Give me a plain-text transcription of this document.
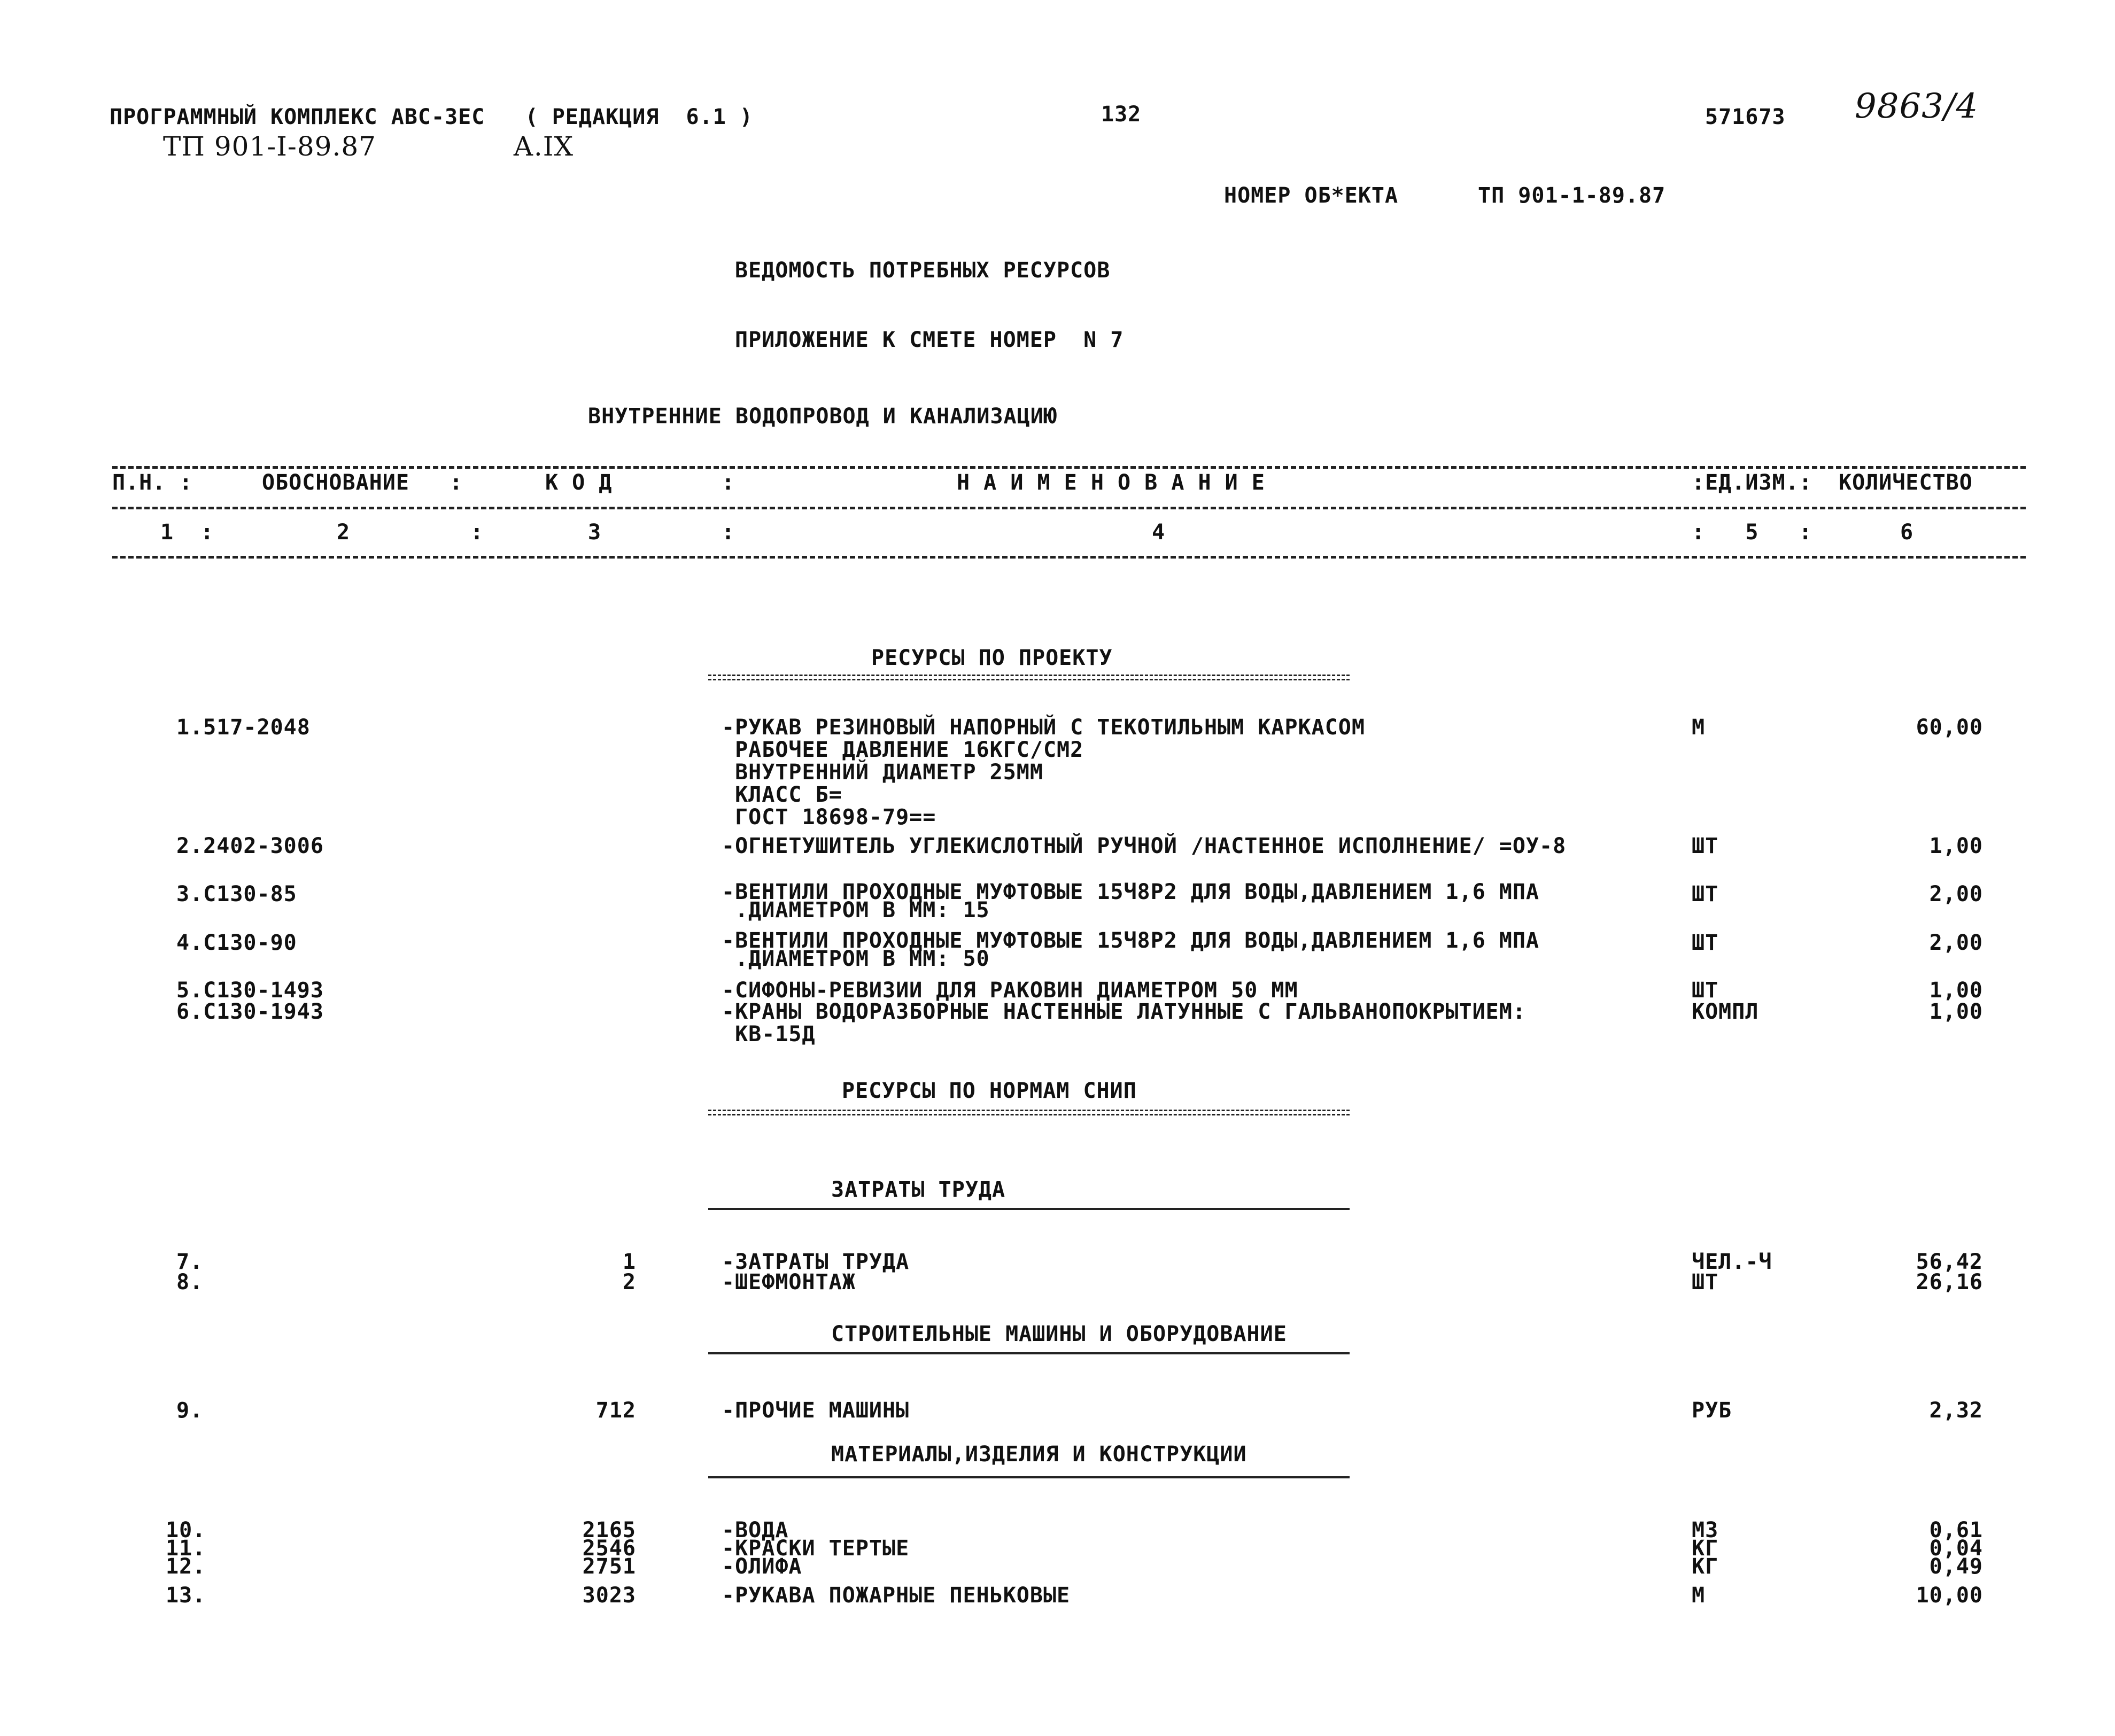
ПРОГРАММНЫЙ КОМПЛЕКС АВС-3ЕС   ( РЕДАКЦИЯ  6.1 )
ТП 901-I-89.87	А.IX
132	571673 9863/4
НОМЕР ОБ*ЕКТА	ТП 901-1-89.87
ВЕДОМОСТЬ ПОТРЕБНЫХ РЕСУРСОВ
ПРИЛОЖЕНИЕ К СМЕТЕ НОМЕР  N 7
ВНУТРЕННИЕ ВОДОПРОВОД И КАНАЛИЗАЦИЮ
П.Н. :	ОБОСНОВАНИЕ   :	К О Д	:	Н А И М Е Н О В А Н И Е	:ЕД.ИЗМ.: КОЛИЧЕСТВО
1  :	2	:	3	:	4	:   5   :	6
РЕСУРСЫ ПО ПРОЕКТУ
1.517-2048	-РУКАВ РЕЗИНОВЫЙ НАПОРНЫЙ С ТЕКОТИЛЬНЫМ КАРКАСОМ
РАБОЧЕЕ ДАВЛЕНИЕ 16КГС/СМ2
ВНУТРЕННИЙ ДИАМЕТР 25ММ
КЛАСС Б=
ГОСТ 18698-79==
М	60,00
2.2402-3006	-ОГНЕТУШИТЕЛЬ УГЛЕКИСЛОТНЫЙ РУЧНОЙ /НАСТЕННОЕ ИСПОЛНЕНИЕ/ =ОУ-8	ШТ	1,00
3.С130-85	-ВЕНТИЛИ ПРОХОДНЫЕ МУФТОВЫЕ 15Ч8Р2 ДЛЯ ВОДЫ,ДАВЛЕНИЕМ 1,6 МПА
.ДИАМЕТРОМ В ММ: 15
ШТ	2,00
4.С130-90	-ВЕНТИЛИ ПРОХОДНЫЕ МУФТОВЫЕ 15Ч8Р2 ДЛЯ ВОДЫ,ДАВЛЕНИЕМ 1,6 МПА
.ДИАМЕТРОМ В ММ: 50
ШТ	2,00
5.С130-1493	-СИФОНЫ-РЕВИЗИИ ДЛЯ РАКОВИН ДИАМЕТРОМ 50 ММ	ШТ	1,00
6.С130-1943	-КРАНЫ ВОДОРАЗБОРНЫЕ НАСТЕННЫЕ ЛАТУННЫЕ С ГАЛЬВАНОПОКРЫТИЕМ:
КВ-15Д
КОМПЛ	1,00
РЕСУРСЫ ПО НОРМАМ СНИП
ЗАТРАТЫ ТРУДА
7.	1	-ЗАТРАТЫ ТРУДА	ЧЕЛ.-Ч	56,42
8.	2	-ШЕФМОНТАЖ	ШТ	26,16
СТРОИТЕЛЬНЫЕ МАШИНЫ И ОБОРУДОВАНИЕ
9.	712	-ПРОЧИЕ МАШИНЫ	РУБ	2,32
МАТЕРИАЛЫ,ИЗДЕЛИЯ И КОНСТРУКЦИИ
10.	2165	-ВОДА	М3	0,61
11.	2546	-КРАСКИ ТЕРТЫЕ	КГ	0,04
12.	2751	-ОЛИФА	КГ	0,49
13.	3023	-РУКАВА ПОЖАРНЫЕ ПЕНЬКОВЫЕ	М	10,00
